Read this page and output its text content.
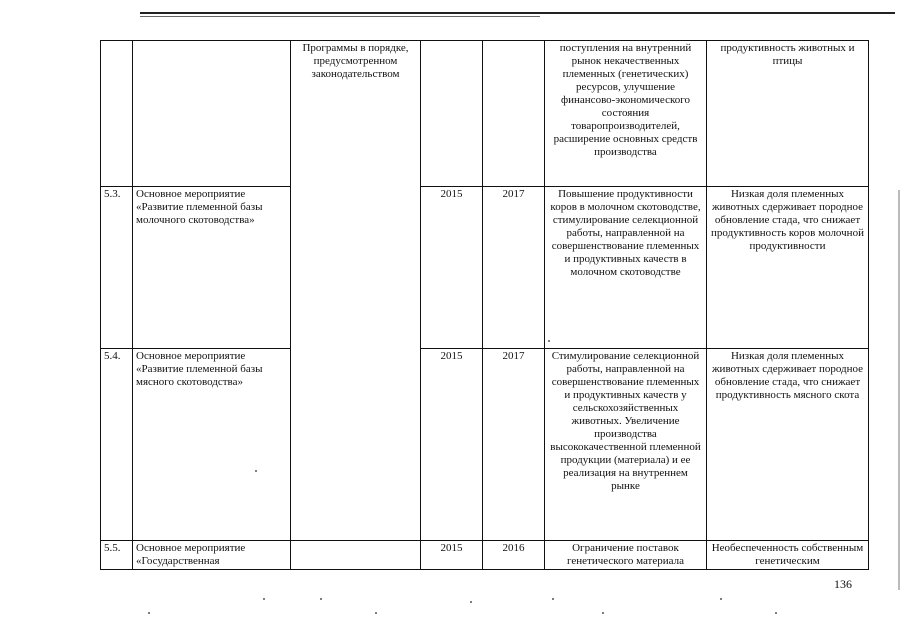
		Программы в порядке, предусмотренном законодательством			поступления на внутренний рынок некачественных племенных (генетических) ресурсов, улучшение финансово-экономического состояния товаропроизводителей, расширение основных средств производства	продуктивность животных и птицы
5.3.	Основное мероприятие «Развитие племенной базы молочного скотоводства»		2015	2017	Повышение продуктивности коров в молочном скотоводстве, стимулирование селекционной работы, направленной на совершенствование племенных и продуктивных качеств в молочном скотоводстве	Низкая доля племенных животных сдерживает породное обновление стада, что снижает продуктивность коров молочной продуктивности
5.4.	Основное мероприятие «Развитие племенной базы мясного скотоводства»		2015	2017	Стимулирование селекционной работы, направленной на совершенствование племенных и продуктивных качеств у сельскохозяйственных животных. Увеличение производства высококачественной племенной продукции (материала) и ее реализация на внутреннем рынке	Низкая доля племенных животных сдерживает породное обновление стада, что снижает продуктивность мясного скота
5.5.	Основное мероприятие «Государственная		2015	2016	Ограничение поставок генетического материала	Необеспеченность собственным генетическим
136
